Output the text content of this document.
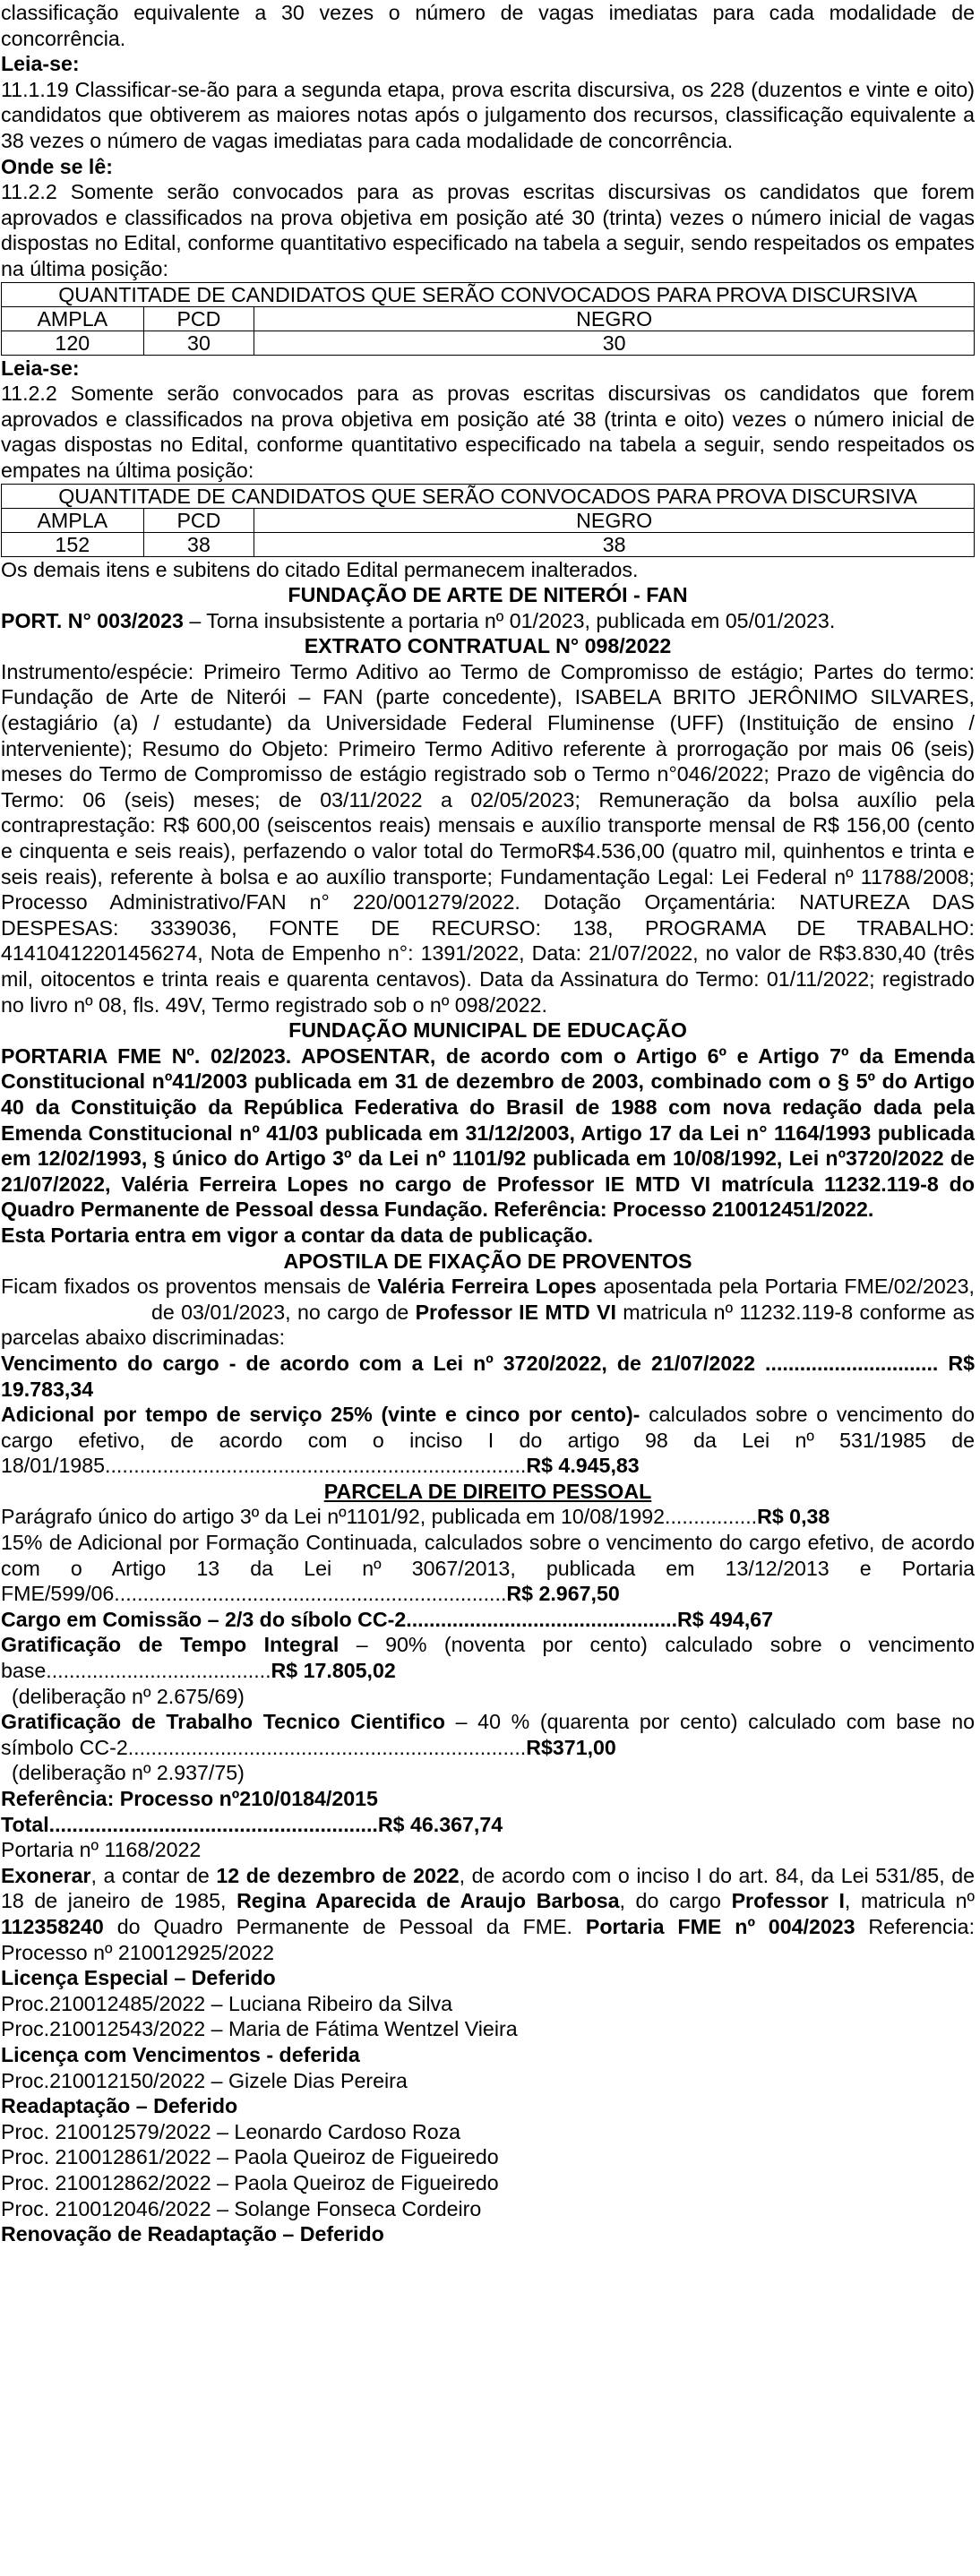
classificação equivalente a 30 vezes o número de vagas imediatas para cada modalidade de concorrência.

Leia-se:

11.1.19 Classificar-se-ão para a segunda etapa, prova escrita discursiva, os 228 (duzentos e vinte e oito) candidatos que obtiverem as maiores notas após o julgamento dos recursos, classificação equivalente a 38 vezes o número de vagas imediatas para cada modalidade de concorrência.

Onde se lê:

11.2.2 Somente serão convocados para as provas escritas discursivas os candidatos que forem aprovados e classificados na prova objetiva em posição até 30 (trinta) vezes o número inicial de vagas dispostas no Edital, conforme quantitativo especificado na tabela a seguir, sendo respeitados os empates na última posição:

QUANTITADE DE CANDIDATOS QUE SERÃO CONVOCADOS PARA PROVA DISCURSIVA		
AMPLA	PCD	NEGRO
120	30	30

Leia-se:

11.2.2 Somente serão convocados para as provas escritas discursivas os candidatos que forem aprovados e classificados na prova objetiva em posição até 38 (trinta e oito) vezes o número inicial de vagas dispostas no Edital, conforme quantitativo especificado na tabela a seguir, sendo respeitados os empates na última posição:

QUANTITADE DE CANDIDATOS QUE SERÃO CONVOCADOS PARA PROVA DISCURSIVA		
AMPLA	PCD	NEGRO
152	38	38

Os demais itens e subitens do citado Edital permanecem inalterados.

FUNDAÇÃO DE ARTE DE NITERÓI - FAN

PORT. N° 003/2023 – Torna insubsistente a portaria nº 01/2023, publicada em 05/01/2023.

EXTRATO CONTRATUAL N° 098/2022

Instrumento/espécie: Primeiro Termo Aditivo ao Termo de Compromisso de estágio; Partes do termo: Fundação de Arte de Niterói – FAN (parte concedente), ISABELA BRITO JERÔNIMO SILVARES,(estagiário (a) / estudante) da Universidade Federal Fluminense (UFF) (Instituição de ensino / interveniente); Resumo do Objeto: Primeiro Termo Aditivo referente à prorrogação por mais 06 (seis) meses do Termo de Compromisso de estágio registrado sob o Termo n°046/2022; Prazo de vigência do Termo: 06 (seis) meses; de 03/11/2022 a 02/05/2023; Remuneração da bolsa auxílio pela contraprestação: R$ 600,00 (seiscentos reais) mensais e auxílio transporte mensal de R$ 156,00 (cento e cinquenta e seis reais), perfazendo o valor total do TermoR$4.536,00 (quatro mil, quinhentos e trinta e seis reais), referente à bolsa e ao auxílio transporte; Fundamentação Legal: Lei Federal nº 11788/2008; Processo Administrativo/FAN n° 220/001279/2022. Dotação Orçamentária: NATUREZA DAS DESPESAS: 3339036, FONTE DE RECURSO: 138, PROGRAMA DE TRABALHO: 41410412201456274, Nota de Empenho n°: 1391/2022, Data: 21/07/2022, no valor de R$3.830,40 (três mil, oitocentos e trinta reais e quarenta centavos). Data da Assinatura do Termo: 01/11/2022; registrado no livro nº 08, fls. 49V, Termo registrado sob o nº 098/2022.

FUNDAÇÃO MUNICIPAL DE EDUCAÇÃO

PORTARIA FME Nº. 02/2023. APOSENTAR, de acordo com o Artigo 6º e Artigo 7º da Emenda Constitucional nº41/2003 publicada em 31 de dezembro de 2003, combinado com o § 5º do Artigo 40 da Constituição da República Federativa do Brasil de 1988 com nova redação dada pela Emenda Constitucional nº 41/03 publicada em 31/12/2003, Artigo 17 da Lei n° 1164/1993 publicada em 12/02/1993, § único do Artigo 3º da Lei nº 1101/92 publicada em 10/08/1992, Lei nº3720/2022 de 21/07/2022, Valéria Ferreira Lopes no cargo de Professor IE MTD VI matrícula 11232.119-8 do Quadro Permanente de Pessoal dessa Fundação. Referência: Processo 210012451/2022.

Esta Portaria entra em vigor a contar da data de publicação.

APOSTILA DE FIXAÇÃO DE PROVENTOS

Ficam fixados os proventos mensais de Valéria Ferreira Lopes aposentada pela Portaria FME/02/2023,de 03/01/2023, no cargo de Professor IE MTD VI matricula nº 11232.119-8 conforme as parcelas abaixo discriminadas:

Vencimento do cargo - de acordo com a Lei nº 3720/2022, de 21/07/2022 .............................. R$ 19.783,34

Adicional por tempo de serviço 25% (vinte e cinco por cento)- calculados sobre o vencimento do cargo efetivo, de acordo com o inciso I do artigo 98 da Lei nº 531/1985 de 18/01/1985.........................................................................R$ 4.945,83

PARCELA DE DIREITO PESSOAL

Parágrafo único do artigo 3º da Lei nº1101/92, publicada em 10/08/1992................R$ 0,38

15% de Adicional por Formação Continuada, calculados sobre o vencimento do cargo efetivo, de acordo com o Artigo 13 da Lei nº 3067/2013, publicada em 13/12/2013 e Portaria FME/599/06....................................................................R$ 2.967,50

Cargo em Comissão – 2/3 do síbolo CC-2...............................................R$ 494,67

Gratificação de Tempo Integral – 90% (noventa por cento) calculado sobre o vencimento base.......................................R$ 17.805,02

(deliberação nº 2.675/69)

Gratificação de Trabalho Tecnico Cientifico – 40 % (quarenta por cento) calculado com base no símbolo CC-2.....................................................................R$371,00

(deliberação nº 2.937/75)

Referência: Processo nº210/0184/2015

Total.........................................................R$ 46.367,74

Portaria nº 1168/2022

Exonerar, a contar de 12 de dezembro de 2022, de acordo com o inciso I do art. 84, da Lei 531/85, de 18 de janeiro de 1985, Regina Aparecida de Araujo Barbosa, do cargo Professor I, matricula nº 112358240 do Quadro Permanente de Pessoal da FME. Portaria FME nº 004/2023 Referencia: Processo nº 210012925/2022

Licença Especial – Deferido

Proc.210012485/2022 – Luciana Ribeiro da Silva

Proc.210012543/2022 – Maria de Fátima Wentzel Vieira

Licença com Vencimentos - deferida

Proc.210012150/2022 – Gizele Dias Pereira

Readaptação – Deferido

Proc. 210012579/2022 – Leonardo Cardoso Roza

Proc. 210012861/2022 – Paola Queiroz de Figueiredo

Proc. 210012862/2022 – Paola Queiroz de Figueiredo

Proc. 210012046/2022 – Solange Fonseca Cordeiro

Renovação de Readaptação – Deferido
